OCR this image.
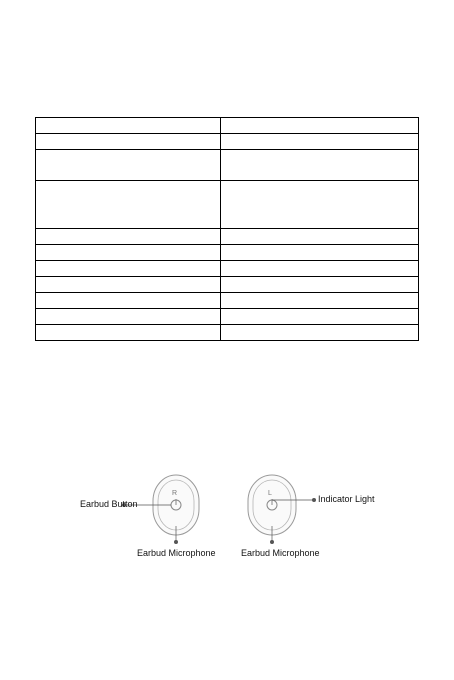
R	L
Earbud Button
Earbud Microphone
Indicator Light
Earbud Microphone
